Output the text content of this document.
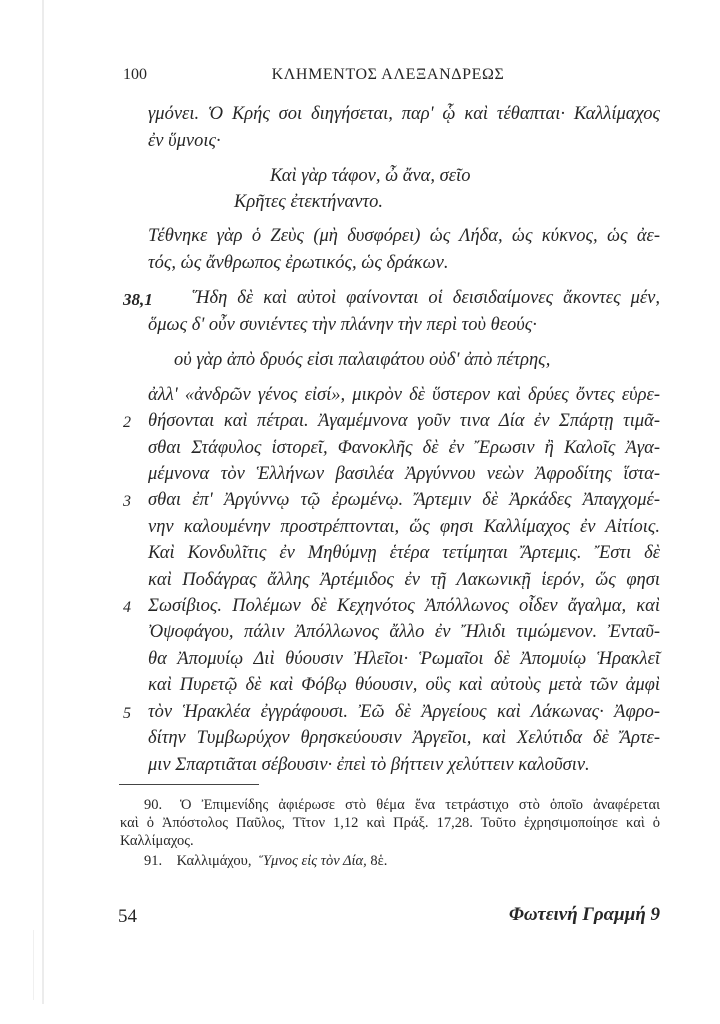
100	ΚΛΗΜΕΝΤΟΣ ΑΛΕΞΑΝΔΡΕΩΣ
γμόνει. Ὁ Κρής σοι διηγήσεται, παρ' ᾧ καὶ τέθαπται· Καλλίμαχος
ἐν ὕμνοις·
Καὶ γὰρ τάφον, ὦ ἄνα, σεῖο
Κρῆτες ἐτεκτήναντο.
Τέθνηκε γὰρ ὁ Ζεὺς (μὴ δυσφόρει) ὡς Λήδα, ὡς κύκνος, ὡς ἀε-
τός, ὡς ἄνθρωπος ἐρωτικός, ὡς δράκων.
38,1 ῞Ηδη δὲ καὶ αὐτοὶ φαίνονται οἱ δεισιδαίμονες ἄκοντες μέν,
ὅμως δ' οὖν συνιέντες τὴν πλάνην τὴν περὶ τοὺ θεούς·
οὐ γὰρ ἀπὸ δρυός εἰσι παλαιφάτου οὐδ' ἀπὸ πέτρης,
ἀλλ' «ἀνδρῶν γένος εἰσί», μικρὸν δὲ ὕστερον καὶ δρύες ὄντες εὑρε-
2 θήσονται καὶ πέτραι. Ἀγαμέμνονα γοῦν τινα Δία ἐν Σπάρτῃ τιμᾶ-
σθαι Στάφυλος ἱστορεῖ, Φανοκλῆς δὲ ἐν Ἔρωσιν ἢ Καλοῖς Ἀγα-
μέμνονα τὸν Ἑλλήνων βασιλέα Ἀργύννου νεὼν Ἀφροδίτης ἵστα-
3 σθαι ἐπ' Ἀργύννῳ τῷ ἐρωμένῳ. Ἄρτεμιν δὲ Ἀρκάδες Ἀπαγχομέ-
νην καλουμένην προστρέπτονται, ὥς φησι Καλλίμαχος ἐν Αἰτίοις.
Καὶ Κονδυλῖτις ἐν Μηθύμνῃ ἑτέρα τετίμηται Ἄρτεμις. Ἔστι δὲ
καὶ Ποδάγρας ἄλλης Ἀρτέμιδος ἐν τῇ Λακωνικῇ ἱερόν, ὥς φησι
4 Σωσίβιος. Πολέμων δὲ Κεχηνότος Ἀπόλλωνος οἶδεν ἄγαλμα, καὶ
Ὀψοφάγου, πάλιν Ἀπόλλωνος ἄλλο ἐν Ἤλιδι τιμώμενον. Ἐνταῦ-
θα Ἀπομυίῳ Διὶ θύουσιν Ἠλεῖοι· Ῥωμαῖοι δὲ Ἀπομυίῳ Ἡρακλεῖ
καὶ Πυρετῷ δὲ καὶ Φόβῳ θύουσιν, οὓς καὶ αὐτοὺς μετὰ τῶν ἀμφὶ
5 τὸν Ἡρακλέα ἐγγράφουσι. Ἐῶ δὲ Ἀργείους καὶ Λάκωνας· Ἀφρο-
δίτην Τυμβωρύχον θρησκεύουσιν Ἀργεῖοι, καὶ Χελύτιδα δὲ Ἄρτε-
μιν Σπαρτιᾶται σέβουσιν· ἐπεὶ τὸ βήττειν χελύττειν καλοῦσιν.
90. Ὁ Ἐπιμενίδης ἀφιέρωσε στὸ θέμα ἕνα τετράστιχο στὸ ὁποῖο ἀναφέρεται
καὶ ὁ Ἀπόστολος Παῦλος, Τῖτον 1,12 καὶ Πράξ. 17,28. Τοῦτο ἐχρησιμοποίησε καὶ ὁ
Καλλίμαχος.
91. Καλλιμάχου, Ὕμνος εἰς τὸν Δία, 8ἑ.
54	Φωτεινή Γραμμή 9
